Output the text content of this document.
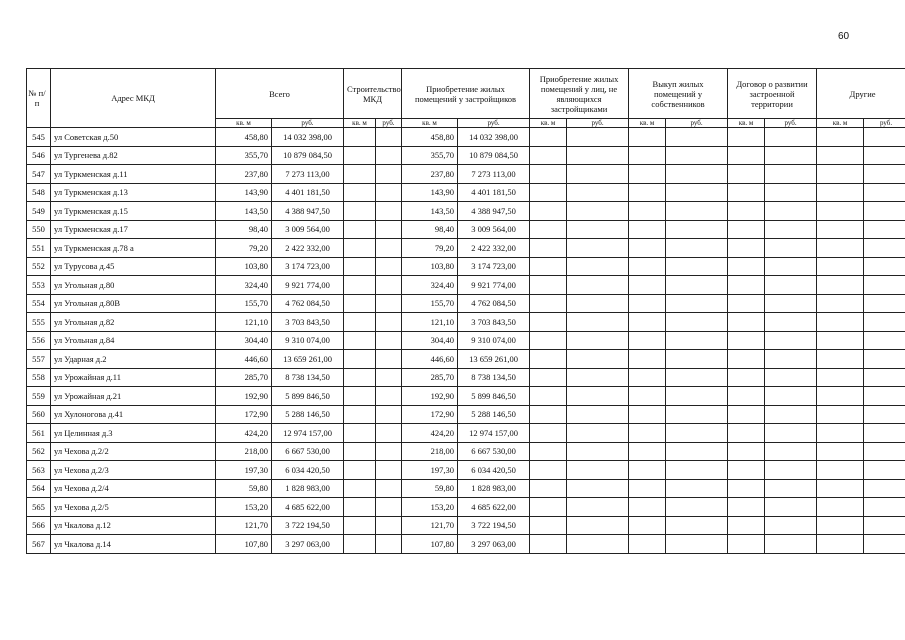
60
№ п/п	Адрес МКД	Всего		Строительство МКД		Приобретение жилых помещений у застройщиков		Приобретение жилых помещений у лиц, не являющихся застройщиками		Выкуп жилых помещений у собственников		Договор о развитии застроенной территории		Другие	
		кв. м	руб.	кв. м	руб.	кв. м	руб.	кв. м	руб.	кв. м	руб.	кв. м	руб.	кв. м	руб.
545	ул Советская д.50	458,80	14 032 398,00			458,80	14 032 398,00								
546	ул Тургенева д.82	355,70	10 879 084,50			355,70	10 879 084,50								
547	ул Туркменская д.11	237,80	7 273 113,00			237,80	7 273 113,00								
548	ул Туркменская д.13	143,90	4 401 181,50			143,90	4 401 181,50								
549	ул Туркменская д.15	143,50	4 388 947,50			143,50	4 388 947,50								
550	ул Туркменская д.17	98,40	3 009 564,00			98,40	3 009 564,00								
551	ул Туркменская д.78 а	79,20	2 422 332,00			79,20	2 422 332,00								
552	ул Турусова д.45	103,80	3 174 723,00			103,80	3 174 723,00								
553	ул Угольная д.80	324,40	9 921 774,00			324,40	9 921 774,00								
554	ул Угольная д.80В	155,70	4 762 084,50			155,70	4 762 084,50								
555	ул Угольная д.82	121,10	3 703 843,50			121,10	3 703 843,50								
556	ул Угольная д.84	304,40	9 310 074,00			304,40	9 310 074,00								
557	ул Ударная д.2	446,60	13 659 261,00			446,60	13 659 261,00								
558	ул Урожайная д.11	285,70	8 738 134,50			285,70	8 738 134,50								
559	ул Урожайная д.21	192,90	5 899 846,50			192,90	5 899 846,50								
560	ул Хулоногова д.41	172,90	5 288 146,50			172,90	5 288 146,50								
561	ул Целинная д.3	424,20	12 974 157,00			424,20	12 974 157,00								
562	ул Чехова д.2/2	218,00	6 667 530,00			218,00	6 667 530,00								
563	ул Чехова д.2/3	197,30	6 034 420,50			197,30	6 034 420,50								
564	ул Чехова д.2/4	59,80	1 828 983,00			59,80	1 828 983,00								
565	ул Чехова д.2/5	153,20	4 685 622,00			153,20	4 685 622,00								
566	ул Чкалова д.12	121,70	3 722 194,50			121,70	3 722 194,50								
567	ул Чкалова д.14	107,80	3 297 063,00			107,80	3 297 063,00								
